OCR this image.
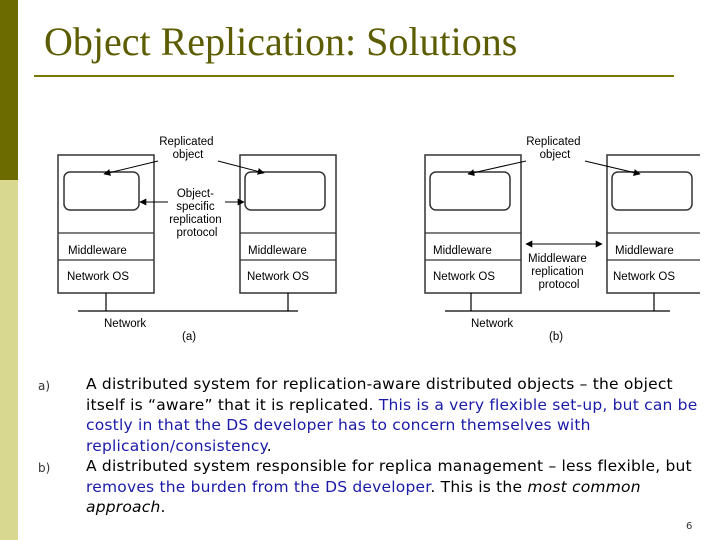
Object Replication: Solutions
Middleware
Network OS
Middleware
Network OS
Replicated object
Object- specific replication protocol
Network
(a)
Middleware
Network OS
Middleware
Network OS
Replicated object
Middleware replication protocol
Network
(b)
a) A distributed system for replication-aware distributed objects – the object itself is “aware” that it is replicated. This is a very flexible set-up, but can be costly in that the DS developer has to concern themselves with replication/consistency.
b) A distributed system responsible for replica management – less flexible, but removes the burden from the DS developer. This is the most common approach.
6
